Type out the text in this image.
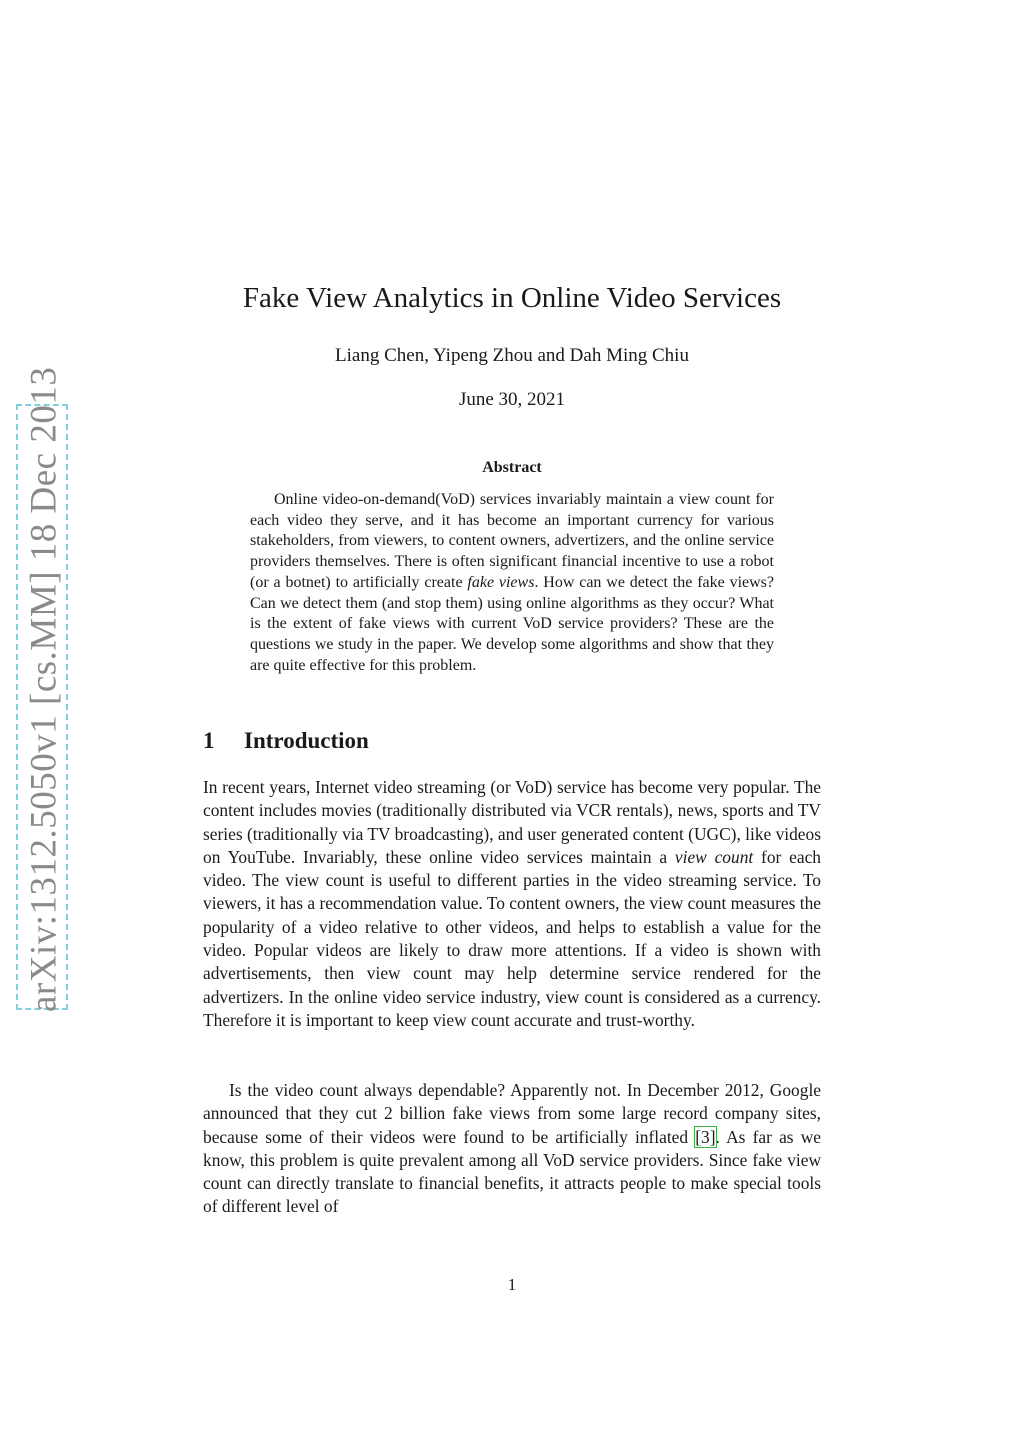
arXiv:1312.5050v1 [cs.MM] 18 Dec 2013
Fake View Analytics in Online Video Services
Liang Chen, Yipeng Zhou and Dah Ming Chiu
June 30, 2021
Abstract

Online video-on-demand(VoD) services invariably maintain a view count for each video they serve, and it has become an important currency for various stakeholders, from viewers, to content owners, advertizers, and the online service providers themselves. There is often significant financial incentive to use a robot (or a botnet) to artificially create fake views. How can we detect the fake views? Can we detect them (and stop them) using online algorithms as they occur? What is the extent of fake views with current VoD service providers? These are the questions we study in the paper. We develop some algorithms and show that they are quite effective for this problem.

1 Introduction

In recent years, Internet video streaming (or VoD) service has become very popular. The content includes movies (traditionally distributed via VCR rentals), news, sports and TV series (traditionally via TV broadcasting), and user generated content (UGC), like videos on YouTube. Invariably, these online video services maintain a view count for each video. The view count is useful to different parties in the video streaming service. To viewers, it has a recommendation value. To content owners, the view count measures the popularity of a video relative to other videos, and helps to establish a value for the video. Popular videos are likely to draw more attentions. If a video is shown with advertisements, then view count may help determine service rendered for the advertizers. In the online video service industry, view count is considered as a currency. Therefore it is important to keep view count accurate and trust-worthy.

Is the video count always dependable? Apparently not. In December 2012, Google announced that they cut 2 billion fake views from some large record company sites, because some of their videos were found to be artificially inflated [3]. As far as we know, this problem is quite prevalent among all VoD service providers. Since fake view count can directly translate to financial benefits, it attracts people to make special tools of different level of

1
